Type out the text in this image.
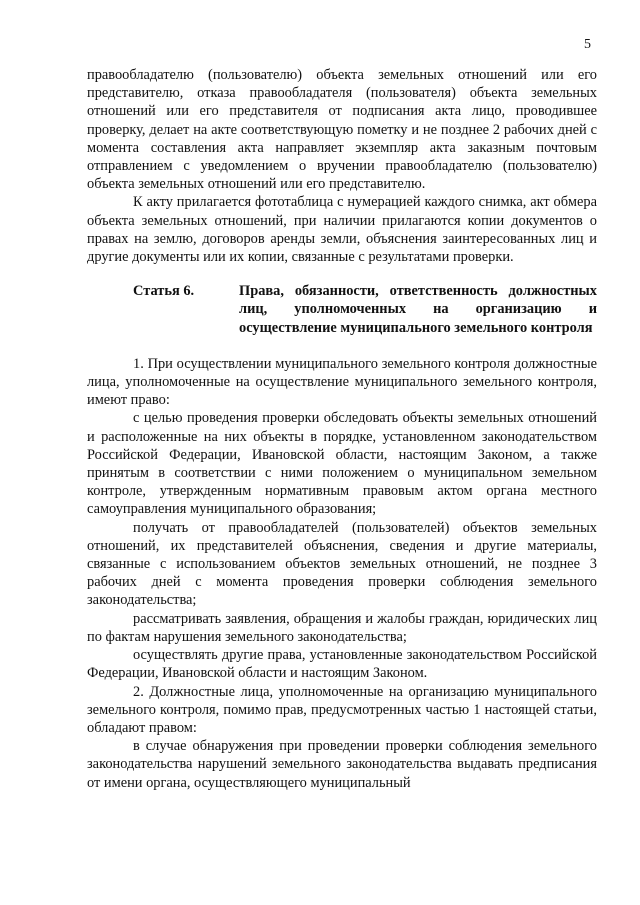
5

правообладателю (пользователю) объекта земельных отношений или его представителю, отказа правообладателя (пользователя) объекта земельных отношений или его представителя от подписания акта лицо, проводившее проверку, делает на акте соответствующую пометку и не позднее 2 рабочих дней с момента составления акта направляет экземпляр акта заказным почтовым отправлением с уведомлением о вручении правообладателю (пользователю) объекта земельных отношений или его представителю.

К акту прилагается фототаблица с нумерацией каждого снимка, акт обмера объекта земельных отношений, при наличии прилагаются копии документов о правах на землю, договоров аренды земли, объяснения заинтересованных лиц и другие документы или их копии, связанные с результатами проверки.

Статья 6.	Права, обязанности, ответственность должностных лиц, уполномоченных на организацию и осуществление муниципального земельного контроля

1. При осуществлении муниципального земельного контроля должностные лица, уполномоченные на осуществление муниципального земельного контроля, имеют право:

с целью проведения проверки обследовать объекты земельных отношений и расположенные на них объекты в порядке, установленном законодательством Российской Федерации, Ивановской области, настоящим Законом, а также принятым в соответствии с ними положением о муниципальном земельном контроле, утвержденным нормативным правовым актом органа местного самоуправления муниципального образования;

получать от правообладателей (пользователей) объектов земельных отношений, их представителей объяснения, сведения и другие материалы, связанные с использованием объектов земельных отношений, не позднее 3 рабочих дней с момента проведения проверки соблюдения земельного законодательства;

рассматривать заявления, обращения и жалобы граждан, юридических лиц по фактам нарушения земельного законодательства;

осуществлять другие права, установленные законодательством Российской Федерации, Ивановской области и настоящим Законом.

2. Должностные лица, уполномоченные на организацию муниципального земельного контроля, помимо прав, предусмотренных частью 1 настоящей статьи, обладают правом:

в случае обнаружения при проведении проверки соблюдения земельного законодательства нарушений земельного законодательства выдавать предписания от имени органа, осуществляющего муниципальный
